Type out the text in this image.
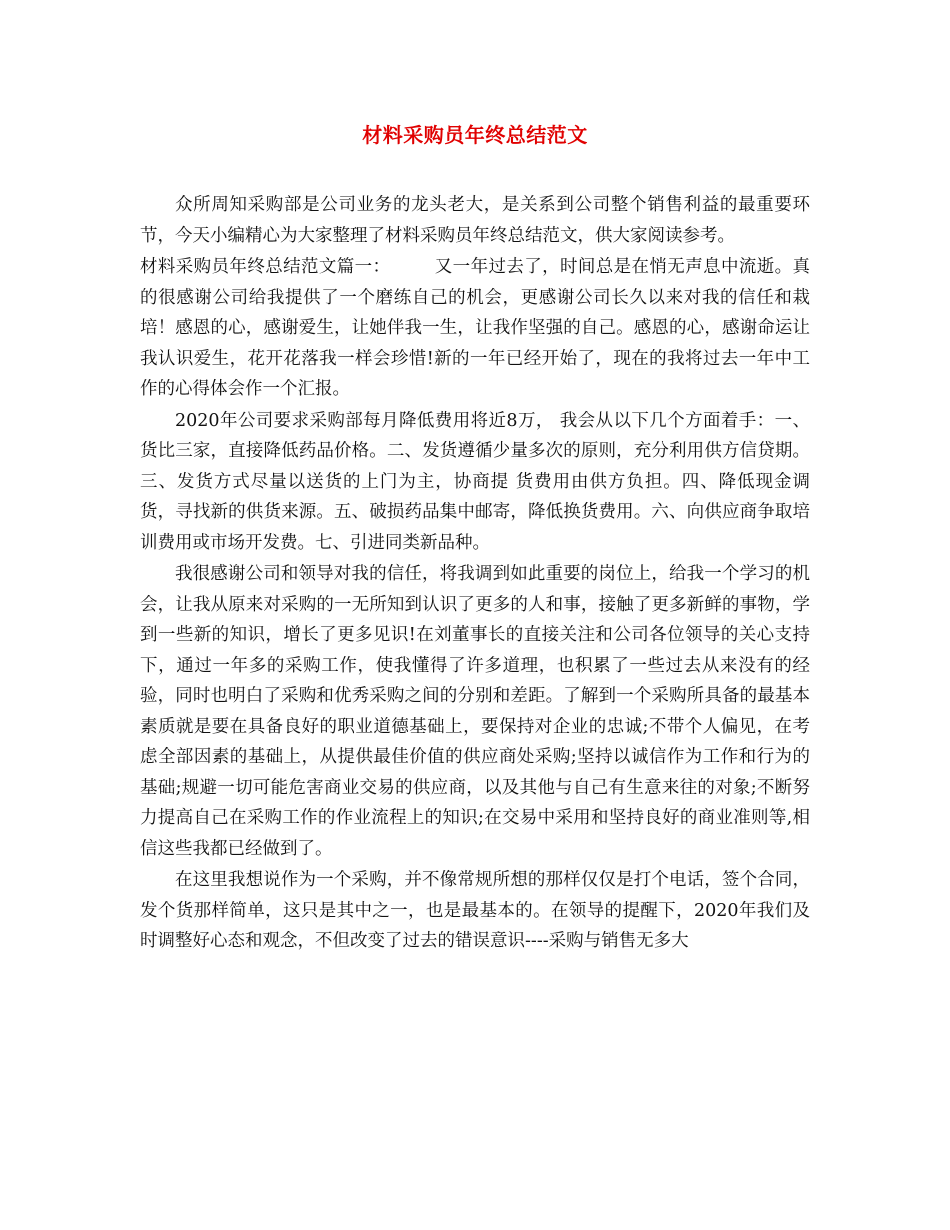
材料采购员年终总结范文

众所周知采购部是公司业务的龙头老大，是关系到公司整个销售利益的最重要环节，今天小编精心为大家整理了材料采购员年终总结范文，供大家阅读参考。

材料采购员年终总结范文篇一：	又一年过去了，时间总是在悄无声息中流逝。真的很感谢公司给我提供了一个磨练自己的机会，更感谢公司长久以来对我的信任和栽培！感恩的心，感谢爱生，让她伴我一生，让我作坚强的自己。感恩的心，感谢命运让我认识爱生，花开花落我一样会珍惜!新的一年已经开始了，现在的我将过去一年中工作的心得体会作一个汇报。

2020年公司要求采购部每月降低费用将近8万， 我会从以下几个方面着手：一、货比三家，直接降低药品价格。二、发货遵循少量多次的原则，充分利用供方信贷期。三、发货方式尽量以送货的上门为主，协商提 货费用由供方负担。四、降低现金调货，寻找新的供货来源。五、破损药品集中邮寄，降低换货费用。六、向供应商争取培训费用或市场开发费。七、引进同类新品种。

我很感谢公司和领导对我的信任，将我调到如此重要的岗位上，给我一个学习的机会，让我从原来对采购的一无所知到认识了更多的人和事，接触了更多新鲜的事物，学到一些新的知识，增长了更多见识!在刘董事长的直接关注和公司各位领导的关心支持下，通过一年多的采购工作，使我懂得了许多道理，也积累了一些过去从来没有的经验，同时也明白了采购和优秀采购之间的分别和差距。了解到一个采购所具备的最基本素质就是要在具备良好的职业道德基础上，要保持对企业的忠诚;不带个人偏见，在考虑全部因素的基础上，从提供最佳价值的供应商处采购;坚持以诚信作为工作和行为的基础;规避一切可能危害商业交易的供应商，以及其他与自己有生意来往的对象;不断努力提高自己在采购工作的作业流程上的知识;在交易中采用和坚持良好的商业准则等,相信这些我都已经做到了。

在这里我想说作为一个采购，并不像常规所想的那样仅仅是打个电话，签个合同，发个货那样简单，这只是其中之一，也是最基本的。在领导的提醒下，2020年我们及时调整好心态和观念，不但改变了过去的错误意识----采购与销售无多大
